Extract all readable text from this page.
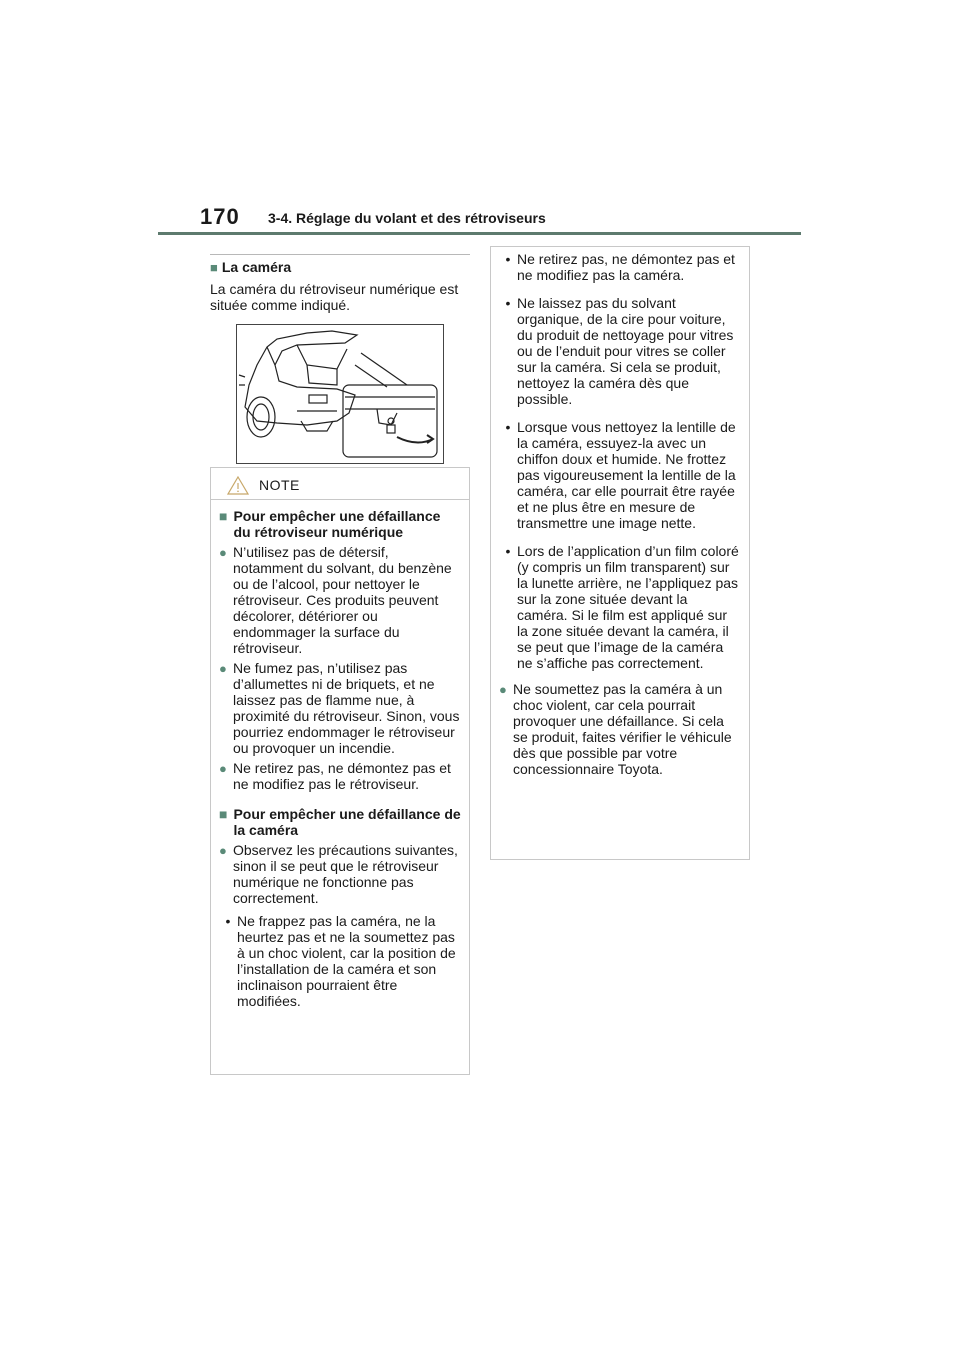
170 3-4. Réglage du volant et des rétroviseurs
■ La caméra
La caméra du rétroviseur numérique est située comme indiqué.
NOTE
■ Pour empêcher une défaillance du rétroviseur numérique
● N’utilisez pas de détersif, notamment du solvant, du benzène ou de l’alcool, pour nettoyer le rétroviseur. Ces produits peuvent décolorer, détériorer ou endommager la surface du rétroviseur.
● Ne fumez pas, n’utilisez pas d’allumettes ni de briquets, et ne laissez pas de flamme nue, à proximité du rétroviseur. Sinon, vous pourriez endommager le rétroviseur ou provoquer un incendie.
● Ne retirez pas, ne démontez pas et ne modifiez pas le rétroviseur.
■ Pour empêcher une défaillance de la caméra
● Observez les précautions suivantes, sinon il se peut que le rétroviseur numérique ne fonctionne pas correctement.
• Ne frappez pas la caméra, ne la heurtez pas et ne la soumettez pas à un choc violent, car la position de l’installation de la caméra et son inclinaison pourraient être modifiées.
• Ne retirez pas, ne démontez pas et ne modifiez pas la caméra.
• Ne laissez pas du solvant organique, de la cire pour voiture, du produit de nettoyage pour vitres ou de l’enduit pour vitres se coller sur la caméra. Si cela se produit, nettoyez la caméra dès que possible.
• Lorsque vous nettoyez la lentille de la caméra, essuyez-la avec un chiffon doux et humide. Ne frottez pas vigoureusement la lentille de la caméra, car elle pourrait être rayée et ne plus être en mesure de transmettre une image nette.
• Lors de l’application d’un film coloré (y compris un film transparent) sur la lunette arrière, ne l’appliquez pas sur la zone située devant la caméra. Si le film est appliqué sur la zone située devant la caméra, il se peut que l’image de la caméra ne s’affiche pas correctement.
● Ne soumettez pas la caméra à un choc violent, car cela pourrait provoquer une défaillance. Si cela se produit, faites vérifier le véhicule dès que possible par votre concessionnaire Toyota.
